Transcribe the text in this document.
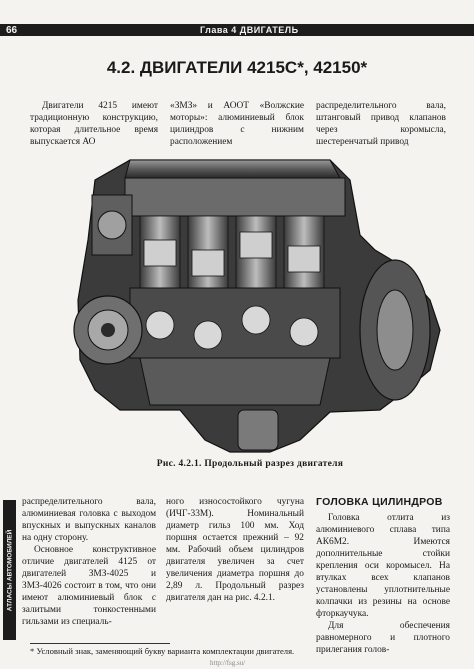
66	Глава 4 ДВИГАТЕЛЬ
4.2. ДВИГАТЕЛИ 4215С*, 42150*

Двигатели 4215 имеют традиционную конструкцию, которая длительное время выпускается АО

«ЗМЗ» и АООТ «Волжские моторы»: алюминиевый блок цилиндров с нижним расположением

распределительного вала, штанговый привод клапанов через коромысла, шестеренчатый привод

Рис. 4.2.1. Продольный разрез двигателя
АТЛАСЫ АВТОМОБИЛЕЙ

распределительного вала, алюминиевая головка с выходом впускных и выпускных каналов на одну сторону.

Основное конструктивное отличие двигателей 4125 от двигателей ЗМЗ-4025 и ЗМЗ-4026 состоит в том, что они имеют алюминиевый блок с залитыми тонкостенными гильзами из специаль-

ного износостойкого чугуна (ИЧГ-33М). Номинальный диаметр гильз 100 мм. Ход поршня остается прежний – 92 мм. Рабочий объем цилиндров двигателя увеличен за счет увеличения диаметра поршня до 2,89 л. Продольный разрез двигателя дан на рис. 4.2.1.

ГОЛОВКА ЦИЛИНДРОВ

Головка отлита из алюминиевого сплава типа АК6М2. Имеются дополнительные стойки крепления оси коромысел. На втулках всех клапанов установлены уплотнительные колпачки из резины на основе фторкаучука.

Для обеспечения равномерного и плотного прилегания голов-

* Условный знак, заменяющий букву варианта комплектации двигателя.
http://fsg.su/
